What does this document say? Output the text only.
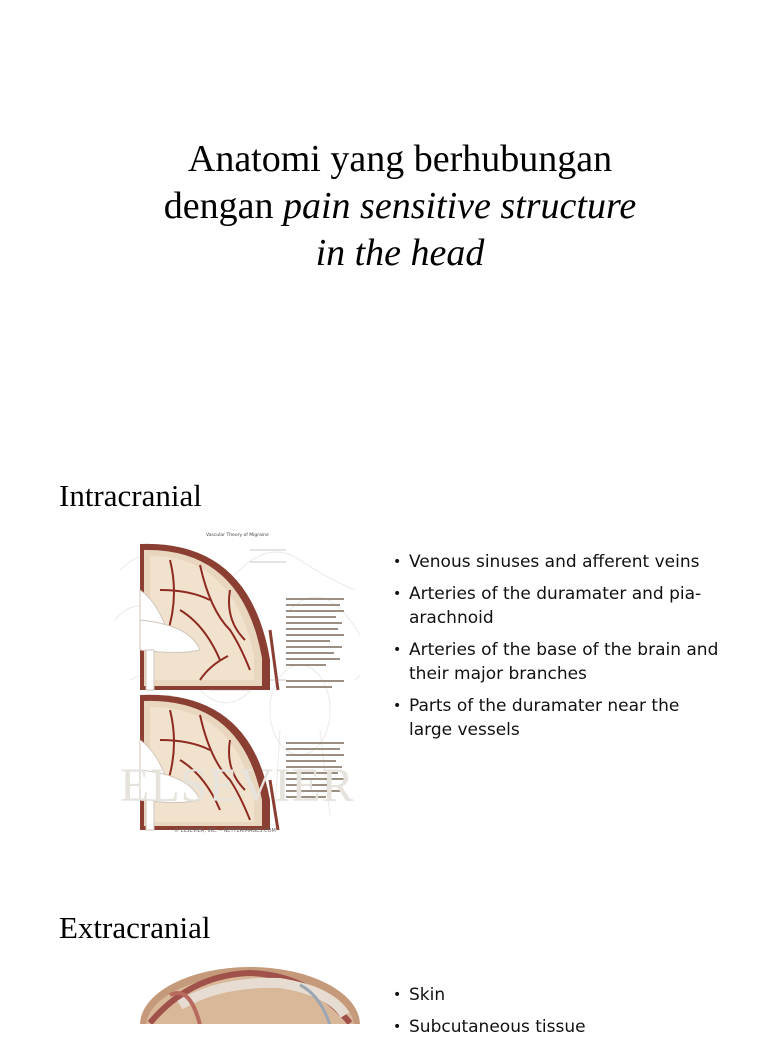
Anatomi yang berhubungan
dengan pain sensitive structure
in the head
Intracranial
ELSEVIER
Vascular Theory of Migraine
© ELSEVIER, INC. – NETTERIMAGES.COM
• Venous sinuses and afferent veins
• Arteries of the duramater and pia-arachnoid
• Arteries of the base of the brain and their major branches
• Parts of the duramater near the large vessels
Extracranial
• Skin
• Subcutaneous tissue
